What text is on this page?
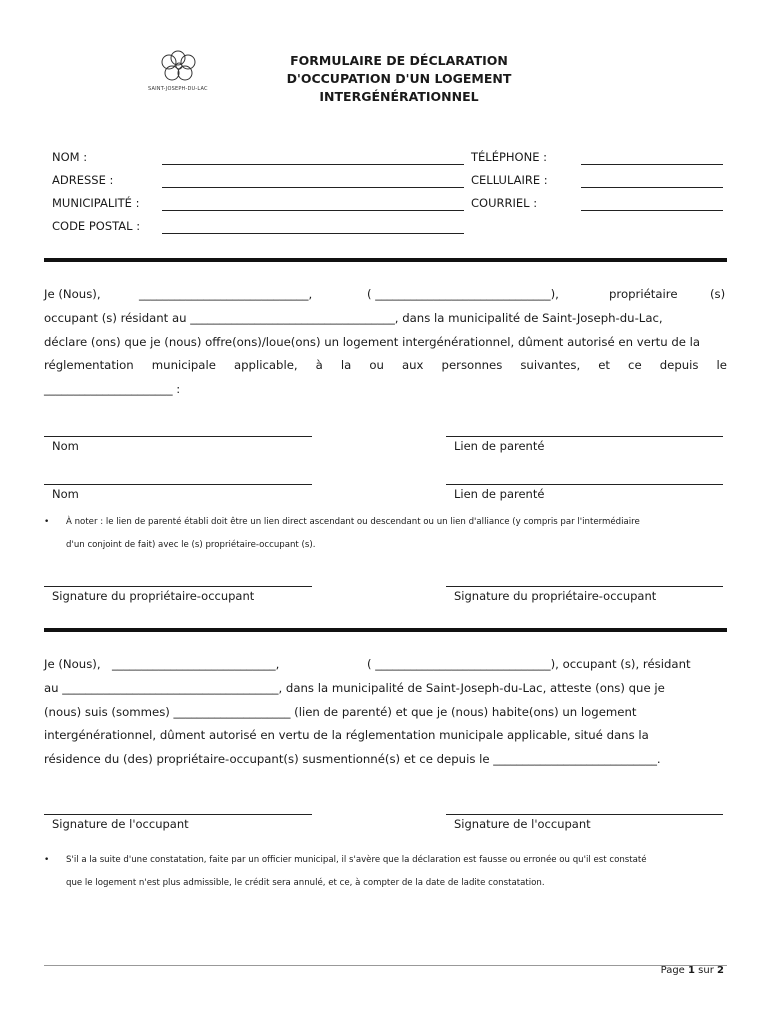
SAINT-JOSEPH-DU-LAC
FORMULAIRE DE DÉCLARATION
D'OCCUPATION D'UN LOGEMENT
INTERGÉNÉRATIONNEL
NOM :	TÉLÉPHONE :
ADRESSE :	CELLULAIRE :
MUNICIPALITÉ :	COURRIEL :
CODE POSTAL :
Je (Nous),	_____________________________,	( ______________________________),	propriétaire	(s)

occupant (s) résidant au ___________________________________, dans la municipalité de Saint-Joseph-du-Lac,

déclare (ons) que je (nous) offre(ons)/loue(ons) un logement intergénérationnel, dûment autorisé en vertu de la

réglementation municipale applicable, à la ou aux personnes suivantes, et ce depuis le

______________________ :

Nom	Lien de parenté
Nom	Lien de parenté
• À noter : le lien de parenté établi doit être un lien direct ascendant ou descendant ou un lien d'alliance (y compris par l'intermédiaire
d'un conjoint de fait) avec le (s) propriétaire-occupant (s).
Signature du propriétaire-occupant	Signature du propriétaire-occupant
Je (Nous), ____________________________,	( ______________________________), occupant (s), résidant

au _____________________________________, dans la municipalité de Saint-Joseph-du-Lac, atteste (ons) que je

(nous) suis (sommes) ____________________ (lien de parenté) et que je (nous) habite(ons) un logement

intergénérationnel, dûment autorisé en vertu de la réglementation municipale applicable, situé dans la

résidence du (des) propriétaire-occupant(s) susmentionné(s) et ce depuis le ____________________________.

Signature de l'occupant	Signature de l'occupant
• S'il a la suite d'une constatation, faite par un officier municipal, il s'avère que la déclaration est fausse ou erronée ou qu'il est constaté
que le logement n'est plus admissible, le crédit sera annulé, et ce, à compter de la date de ladite constatation.
Page 1 sur 2
